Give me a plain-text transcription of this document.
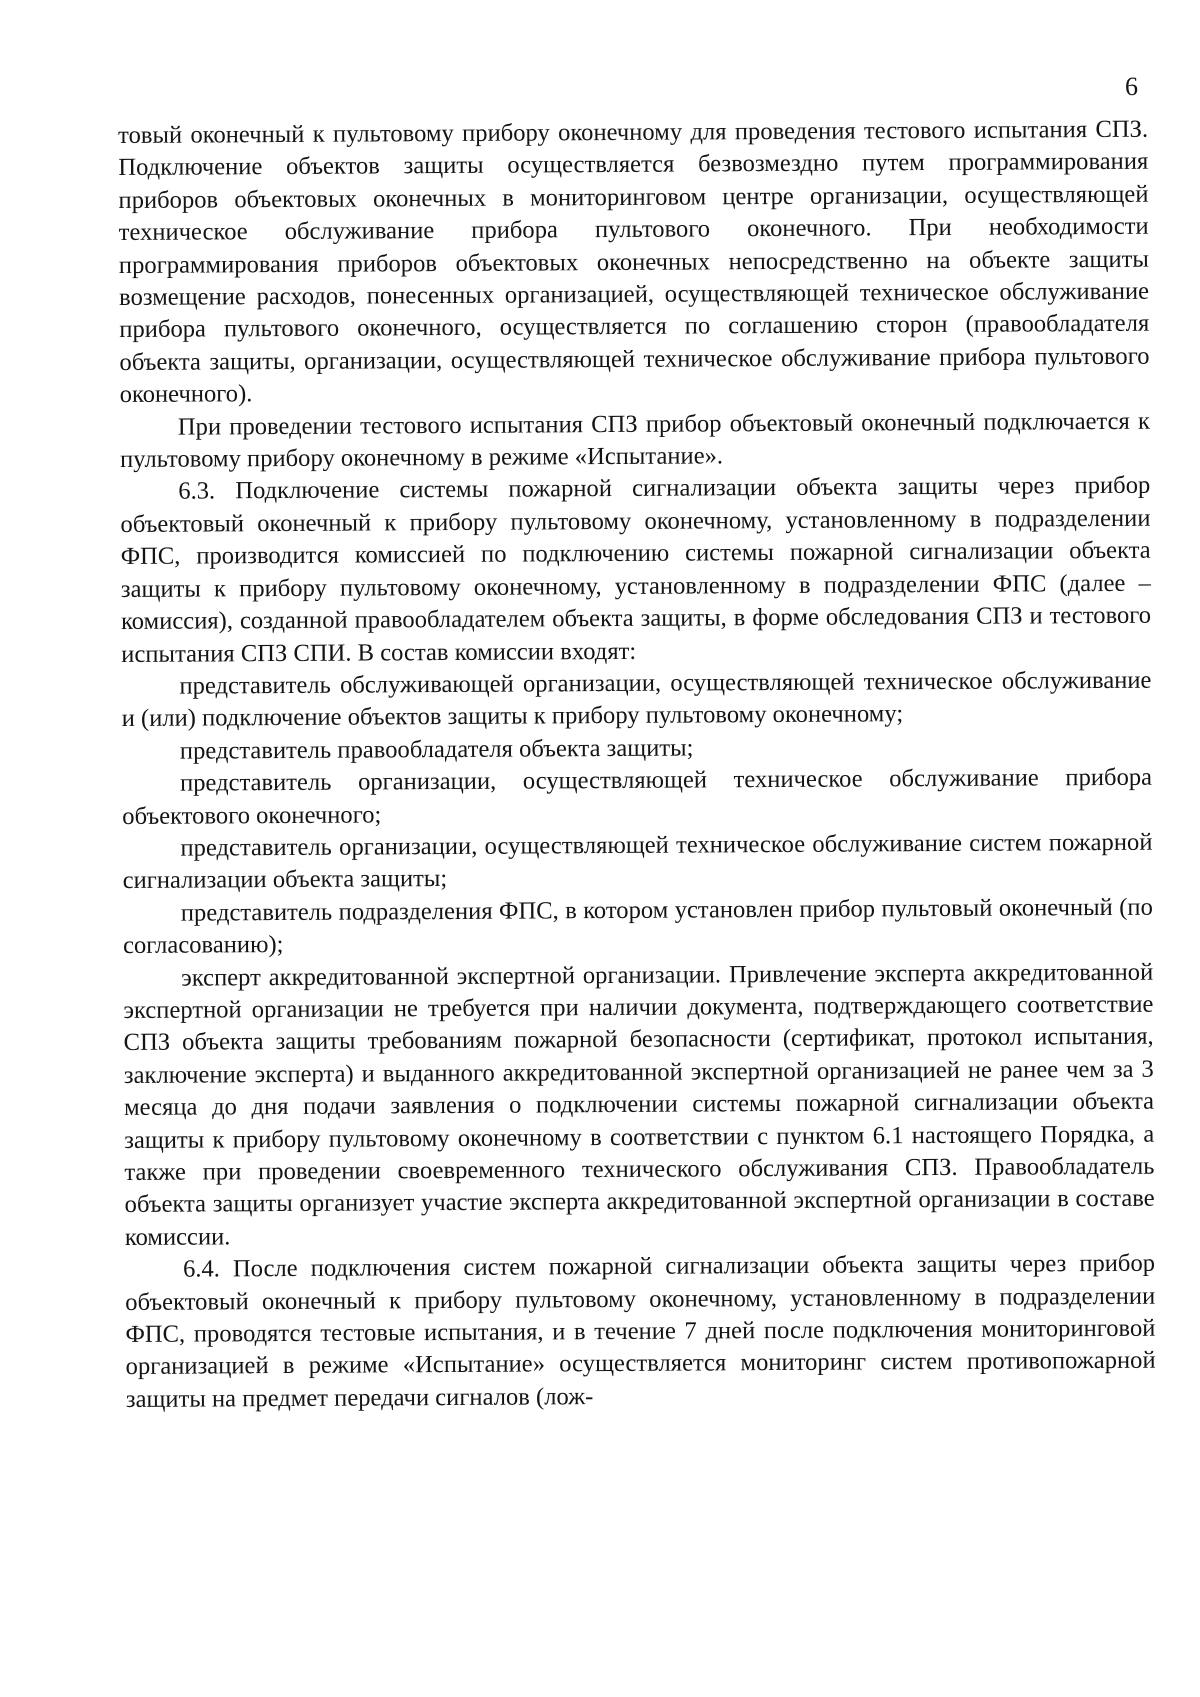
6

товый оконечный к пультовому прибору оконечному для проведения тестового испытания СПЗ. Подключение объектов защиты осуществляется безвозмездно путем программирования приборов объектовых оконечных в мониторинговом центре организации, осуществляющей техническое обслуживание прибора пультового оконечного. При необходимости программирования приборов объектовых оконечных непосредственно на объекте защиты возмещение расходов, понесенных организацией, осуществляющей техническое обслуживание прибора пультового оконечного, осуществляется по соглашению сторон (правообладателя объекта защиты, организации, осуществляющей техническое обслуживание прибора пультового оконечного).

При проведении тестового испытания СПЗ прибор объектовый оконечный подключается к пультовому прибору оконечному в режиме «Испытание».

6.3. Подключение системы пожарной сигнализации объекта защиты через прибор объектовый оконечный к прибору пультовому оконечному, установленному в подразделении ФПС, производится комиссией по подключению системы пожарной сигнализации объекта защиты к прибору пультовому оконечному, установленному в подразделении ФПС (далее – комиссия), созданной правообладателем объекта защиты, в форме обследования СПЗ и тестового испытания СПЗ СПИ. В состав комиссии входят:

представитель обслуживающей организации, осуществляющей техническое обслуживание и (или) подключение объектов защиты к прибору пультовому оконечному;

представитель правообладателя объекта защиты;

представитель организации, осуществляющей техническое обслуживание прибора объектового оконечного;

представитель организации, осуществляющей техническое обслуживание систем пожарной сигнализации объекта защиты;

представитель подразделения ФПС, в котором установлен прибор пультовый оконечный (по согласованию);

эксперт аккредитованной экспертной организации. Привлечение эксперта аккредитованной экспертной организации не требуется при наличии документа, подтверждающего соответствие СПЗ объекта защиты требованиям пожарной безопасности (сертификат, протокол испытания, заключение эксперта) и выданного аккредитованной экспертной организацией не ранее чем за 3 месяца до дня подачи заявления о подключении системы пожарной сигнализации объекта защиты к прибору пультовому оконечному в соответствии с пунктом 6.1 настоящего Порядка, а также при проведении своевременного технического обслуживания СПЗ. Правообладатель объекта защиты организует участие эксперта аккредитованной экспертной организации в составе комиссии.

6.4. После подключения систем пожарной сигнализации объекта защиты через прибор объектовый оконечный к прибору пультовому оконечному, установленному в подразделении ФПС, проводятся тестовые испытания, и в течение 7 дней после подключения мониторинговой организацией в режиме «Испытание» осуществляется мониторинг систем противопожарной защиты на предмет передачи сигналов (лож-
